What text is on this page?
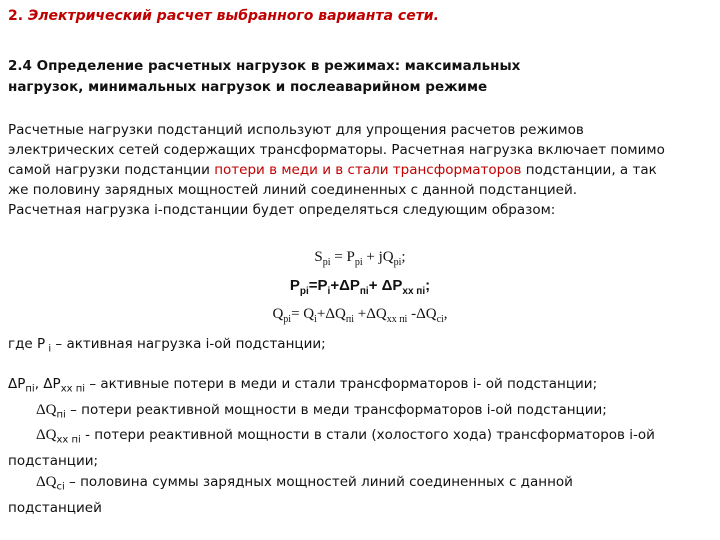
2. Электрический расчет выбранного варианта сети.
2.4 Определение расчетных нагрузок в режимах: максимальных
нагрузок, минимальных нагрузок и послеаварийном режиме
Расчетные нагрузки подстанций используют для упрощения расчетов режимов
электрических сетей содержащих трансформаторы. Расчетная нагрузка включает помимо
самой нагрузки подстанции потери в меди и в стали трансформаторов подстанции, а так
же половину зарядных мощностей линий соединенных с данной подстанцией.
Расчетная нагрузка i-подстанции будет определяться следующим образом:
$S_{pi} = P_{pi} + jQ_{pi}$;
$P_{pi}=P_i+\Delta P_{пi}+ \Delta P_{хх пi}$;
$Q_{pi}= Q_i+\Delta Q_{пi} +\Delta Q_{хх пi}$ $-\Delta Q_{ci}$,
где P $_i$ – активная нагрузка i-ой подстанции;
$\Delta P_{пi}$, $\Delta P_{хх пi}$ – активные потери в меди и стали трансформаторов i- ой подстанции;
$\Delta Q_{пi}$ – потери реактивной мощности в меди трансформаторов i-ой подстанции;
$\Delta Q_{хх пi}$ - потери реактивной мощности в стали (холостого хода) трансформаторов i-ой
подстанции;
$\Delta Q_{ci}$ – половина суммы зарядных мощностей линий соединенных с данной
подстанцией
